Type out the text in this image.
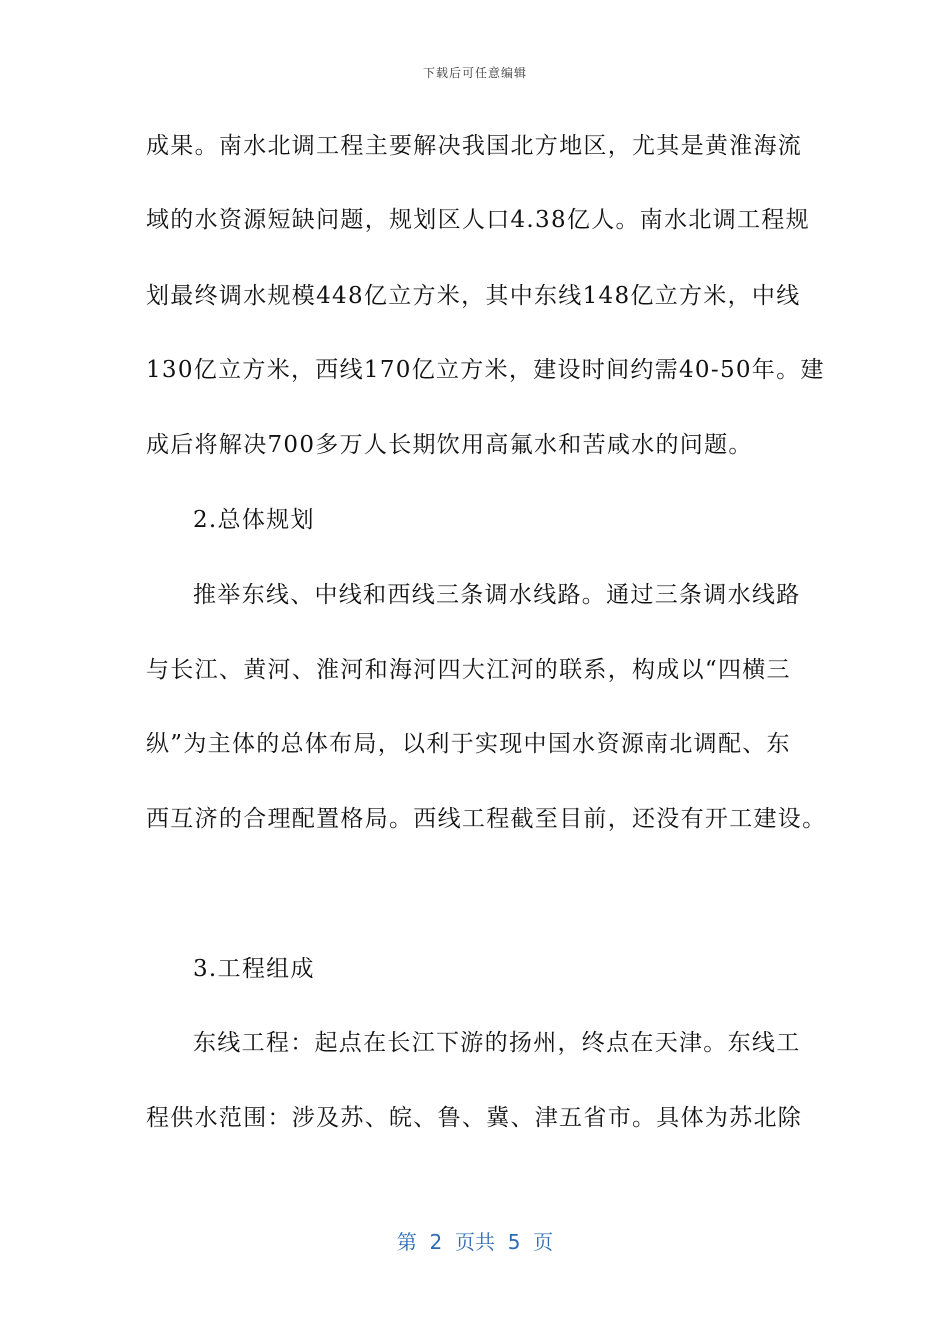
下载后可任意编辑
成果。南水北调工程主要解决我国北方地区，尤其是黄淮海流
域的水资源短缺问题，规划区人口4.38亿人。南水北调工程规
划最终调水规模448亿立方米，其中东线148亿立方米，中线
130亿立方米，西线170亿立方米，建设时间约需40-50年。建
成后将解决700多万人长期饮用高氟水和苦咸水的问题。
2.总体规划
推举东线、中线和西线三条调水线路。通过三条调水线路
与长江、黄河、淮河和海河四大江河的联系，构成以“四横三
纵”为主体的总体布局，以利于实现中国水资源南北调配、东
西互济的合理配置格局。西线工程截至目前，还没有开工建设。
3.工程组成
东线工程：起点在长江下游的扬州，终点在天津。东线工
程供水范围：涉及苏、皖、鲁、冀、津五省市。具体为苏北除
第  2  页共  5  页
